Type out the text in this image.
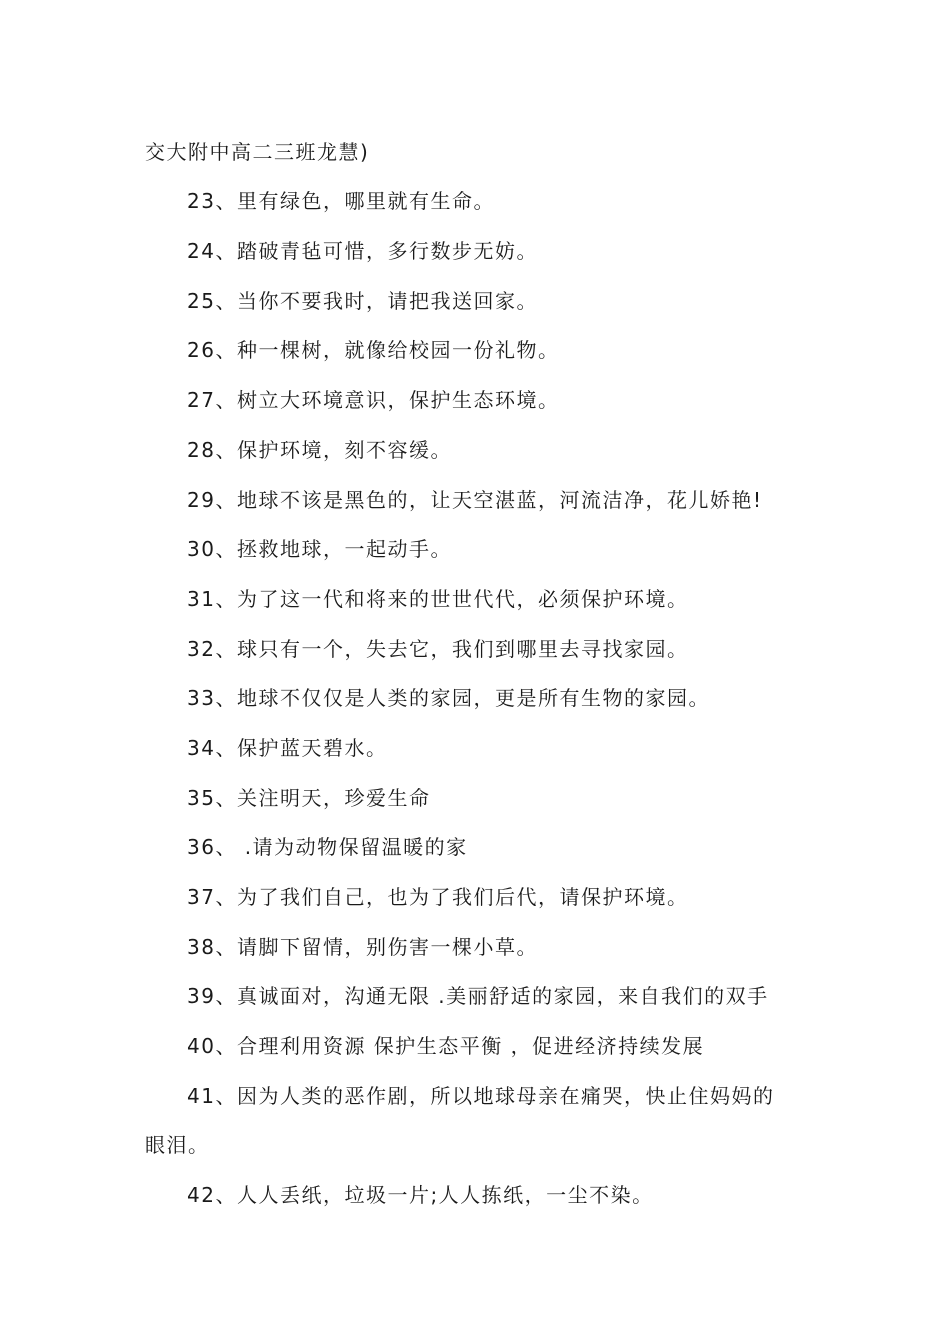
交大附中高二三班龙慧)
23、里有绿色，哪里就有生命。
24、踏破青毡可惜，多行数步无妨。
25、当你不要我时，请把我送回家。
26、种一棵树，就像给校园一份礼物。
27、树立大环境意识，保护生态环境。
28、保护环境，刻不容缓。
29、地球不该是黑色的，让天空湛蓝，河流洁净，花儿娇艳!
30、拯救地球，一起动手。
31、为了这一代和将来的世世代代，必须保护环境。
32、球只有一个，失去它，我们到哪里去寻找家园。
33、地球不仅仅是人类的家园，更是所有生物的家园。
34、保护蓝天碧水。
35、关注明天，珍爱生命
36、 .请为动物保留温暖的家
37、为了我们自己，也为了我们后代，请保护环境。
38、请脚下留情，别伤害一棵小草。
39、真诚面对，沟通无限 .美丽舒适的家园，来自我们的双手
40、合理利用资源 保护生态平衡 ，促进经济持续发展
41、因为人类的恶作剧，所以地球母亲在痛哭，快止住妈妈的
眼泪。
42、人人丢纸，垃圾一片;人人拣纸，一尘不染。
